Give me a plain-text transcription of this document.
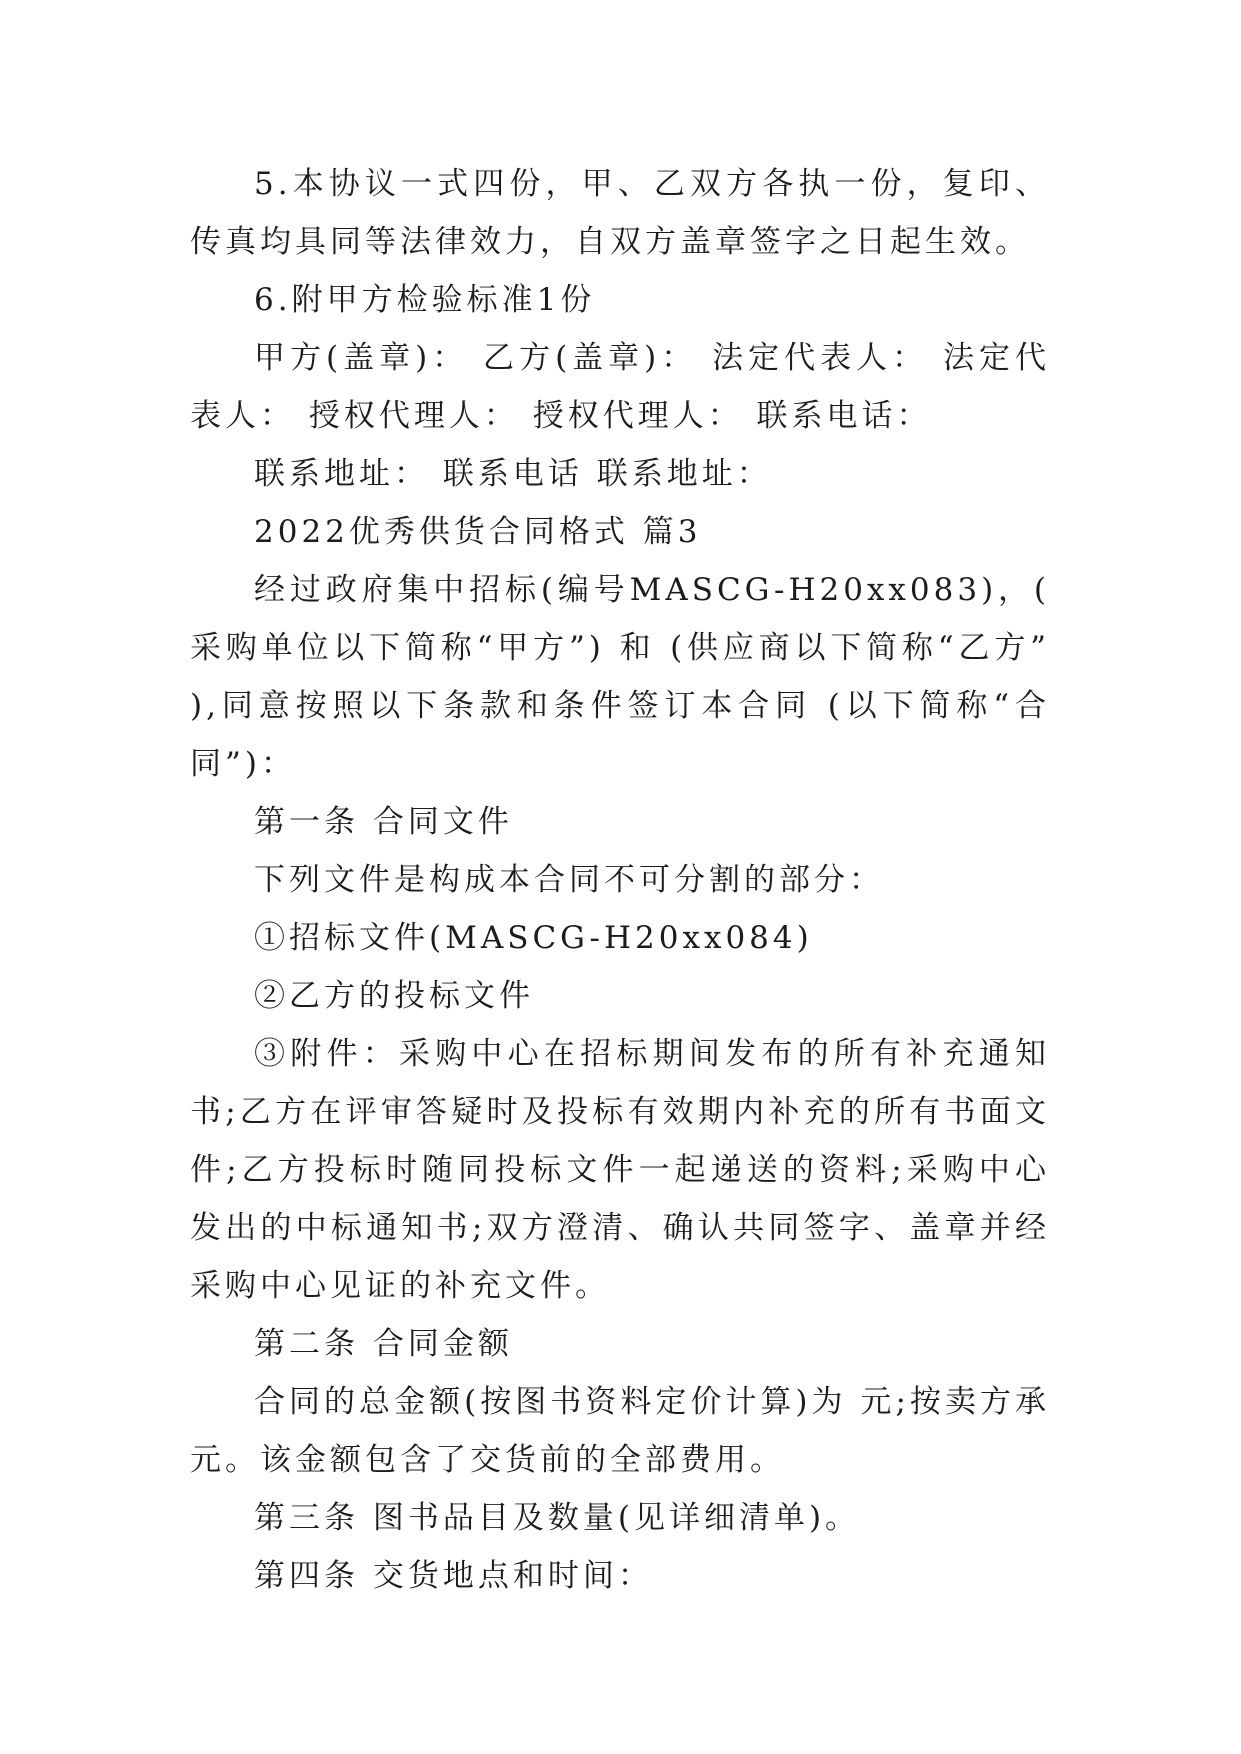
5.本协议一式四份，甲、乙双方各执一份，复印、传真均具同等法律效力，自双方盖章签字之日起生效。

6.附甲方检验标准1份

甲方(盖章)： 乙方(盖章)： 法定代表人： 法定代表人： 授权代理人： 授权代理人： 联系电话：

联系地址： 联系电话 联系地址：

2022优秀供货合同格式 篇3

经过政府集中招标(编号MASCG-H20xx083)，( 采购单位以下简称“甲方”) 和 (供应商以下简称“乙方” ),同意按照以下条款和条件签订本合同 (以下简称“合同”)：

第一条 合同文件

下列文件是构成本合同不可分割的部分：

①招标文件(MASCG-H20xx084)

②乙方的投标文件

③附件：采购中心在招标期间发布的所有补充通知书;乙方在评审答疑时及投标有效期内补充的所有书面文件;乙方投标时随同投标文件一起递送的资料;采购中心发出的中标通知书;双方澄清、确认共同签字、盖章并经采购中心见证的补充文件。

第二条 合同金额

合同的总金额(按图书资料定价计算)为 元;按卖方承元。该金额包含了交货前的全部费用。

第三条 图书品目及数量(见详细清单)。

第四条 交货地点和时间：
